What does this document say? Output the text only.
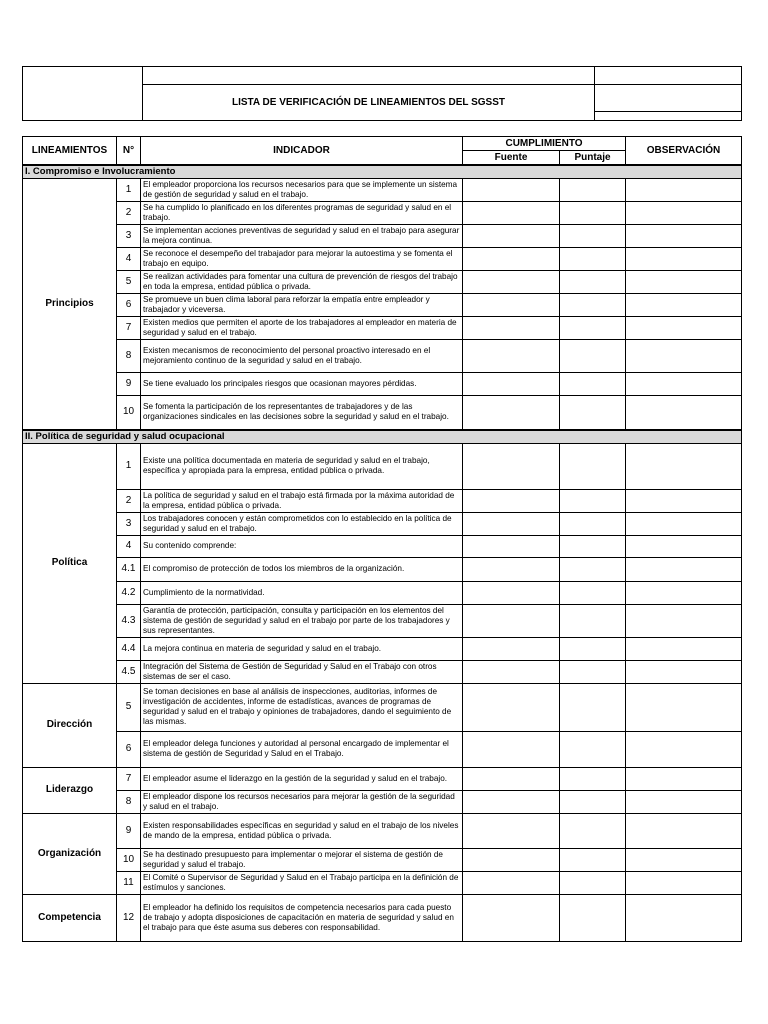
	LISTA DE VERIFICACIÓN DE LINEAMIENTOS DEL SGSST	
LINEAMIENTOS	N°	INDICADOR	CUMPLIMIENTO		OBSERVACIÓN
			Fuente	Puntaje	
I. Compromiso e Involucramiento					
Principios	1	El empleador proporciona los recursos necesarios para que se implemente un sistema de gestión de seguridad y salud en el trabajo.			
	2	Se ha cumplido lo planificado en los diferentes programas de seguridad y salud en el trabajo.			
	3	Se implementan acciones preventivas de seguridad y salud en el trabajo para asegurar la mejora continua.			
	4	Se reconoce el desempeño del trabajador para mejorar la autoestima y se fomenta el trabajo en equipo.			
	5	Se realizan actividades para fomentar una cultura de prevención de riesgos del trabajo en toda la empresa, entidad pública o privada.			
	6	Se promueve un buen clima laboral para reforzar la empatía entre empleador y trabajador y viceversa.			
	7	Existen medios que permiten el aporte de los trabajadores al empleador en materia de seguridad y salud en el trabajo.			
	8	Existen mecanismos de reconocimiento del personal proactivo interesado en el mejoramiento continuo de la seguridad y salud en el trabajo.			
	9	Se tiene evaluado los principales riesgos que ocasionan mayores pérdidas.			
	10	Se fomenta la participación de los representantes de trabajadores y de las organizaciones sindicales en las decisiones sobre la seguridad y salud en el trabajo.			
II. Política de seguridad y salud ocupacional					
Política	1	Existe una política documentada en materia de seguridad y salud en el trabajo, específica y apropiada para la empresa, entidad pública o privada.			
	2	La política de seguridad y salud en el trabajo está firmada por la máxima autoridad de la empresa, entidad pública o privada.			
	3	Los trabajadores conocen y están comprometidos con lo establecido en la política de seguridad y salud en el trabajo.			
	4	Su contenido comprende:			
	4.1	El compromiso de protección de todos los miembros de la organización.			
	4.2	Cumplimiento de la normatividad.			
	4.3	Garantía de protección, participación, consulta y participación en los elementos del sistema de gestión de seguridad y salud en el trabajo por parte de los trabajadores y sus representantes.			
	4.4	La mejora continua en materia de seguridad y salud en el trabajo.			
	4.5	Integración del Sistema de Gestión de Seguridad y Salud en el Trabajo con otros sistemas de ser el caso.			
Dirección	5	Se toman decisiones en base al análisis de inspecciones, auditorias, informes de investigación de accidentes, informe de estadísticas, avances de programas de seguridad y salud en el trabajo y opiniones de trabajadores, dando el seguimiento de las mismas.			
	6	El empleador delega funciones y autoridad al personal encargado de implementar el sistema de gestión de Seguridad y Salud en el Trabajo.			
Liderazgo	7	El empleador asume el liderazgo en la gestión de la seguridad y salud en el trabajo.			
	8	El empleador dispone los recursos necesarios para mejorar la gestión de la seguridad y salud en el trabajo.			
Organización	9	Existen responsabilidades específicas en seguridad y salud en el trabajo de los niveles de mando de la empresa, entidad pública o privada.			
	10	Se ha destinado presupuesto para implementar o mejorar el sistema de gestión de seguridad y salud el trabajo.			
	11	El Comité o Supervisor de Seguridad y Salud en el Trabajo participa en la definición de estímulos y sanciones.			
Competencia	12	El empleador ha definido los requisitos de competencia necesarios para cada puesto de trabajo y adopta disposiciones de capacitación en materia de seguridad y salud en el trabajo para que éste asuma sus deberes con responsabilidad.			
